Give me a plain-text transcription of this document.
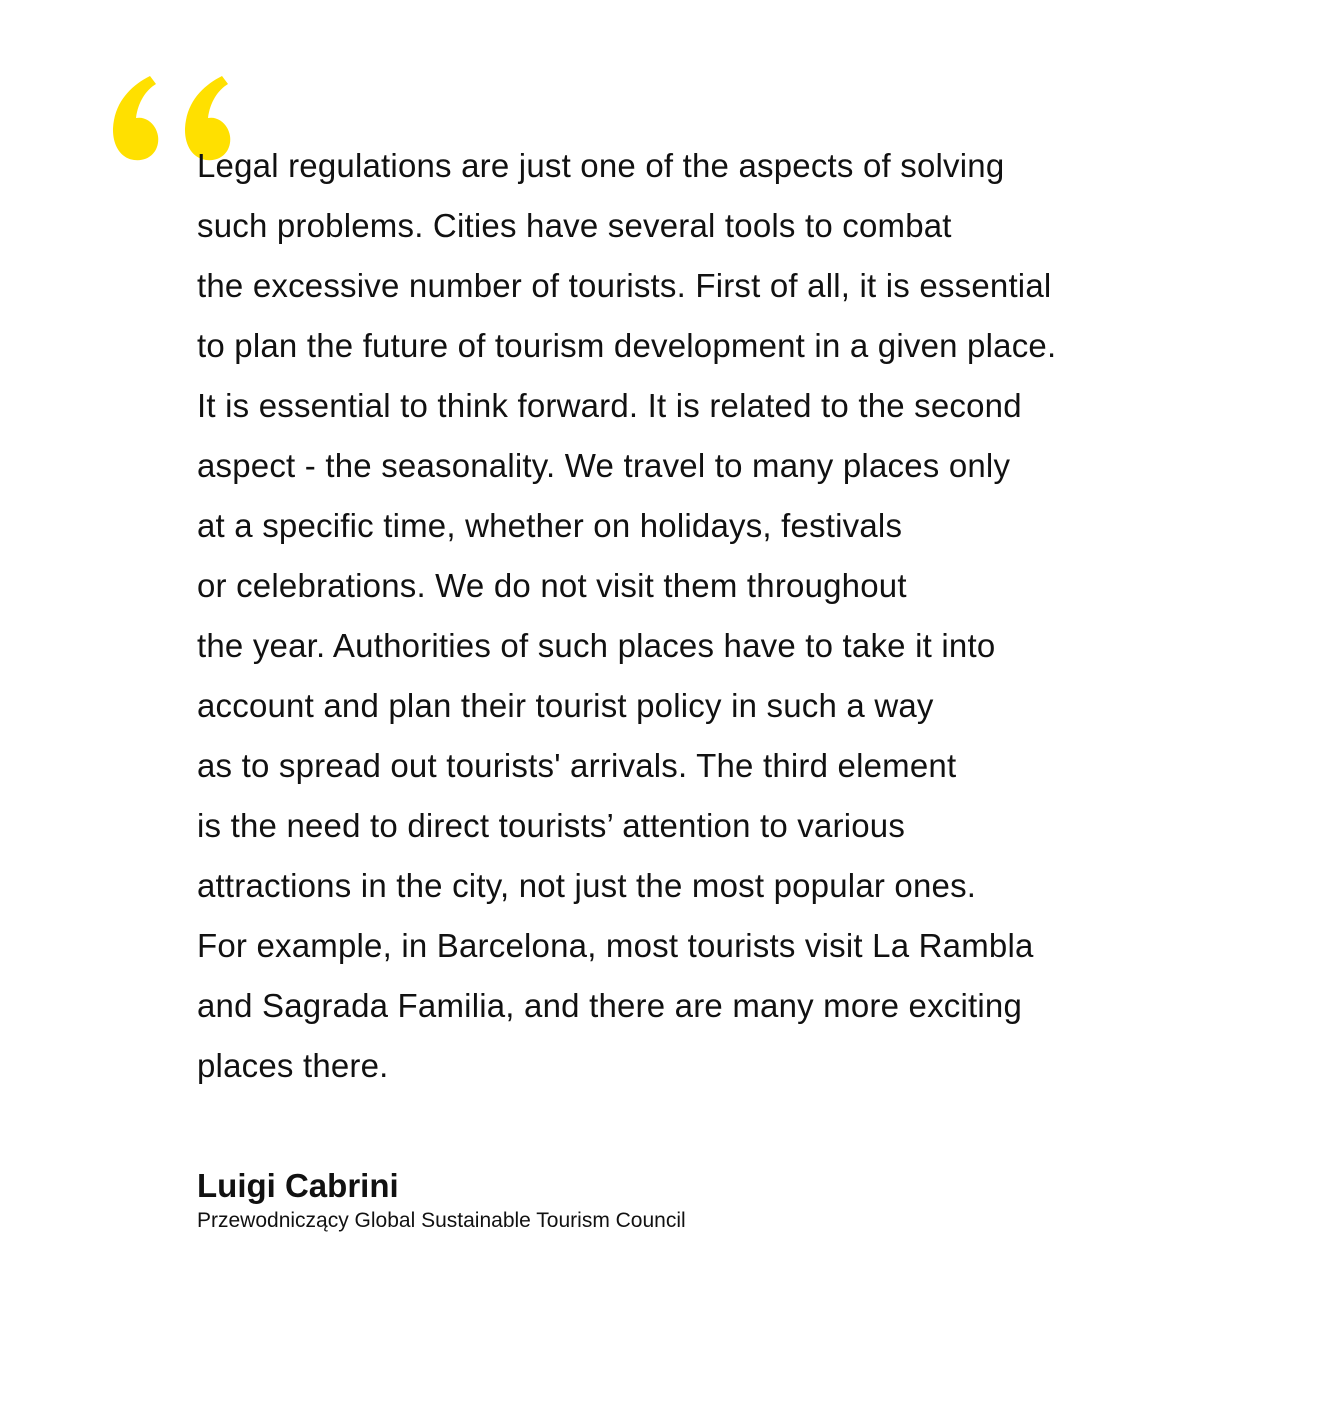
Legal regulations are just one of the aspects of solving
such problems. Cities have several tools to combat
the excessive number of tourists. First of all, it is essential
to plan the future of tourism development in a given place.
It is essential to think forward. It is related to the second
aspect - the seasonality. We travel to many places only
at a specific time, whether on holidays, festivals
or celebrations. We do not visit them throughout
the year. Authorities of such places have to take it into
account and plan their tourist policy in such a way
as to spread out tourists' arrivals. The third element
is the need to direct tourists’ attention to various
attractions in the city, not just the most popular ones.
For example, in Barcelona, most tourists visit La Rambla
and Sagrada Familia, and there are many more exciting
places there.

Luigi Cabrini

Przewodniczący Global Sustainable Tourism Council
